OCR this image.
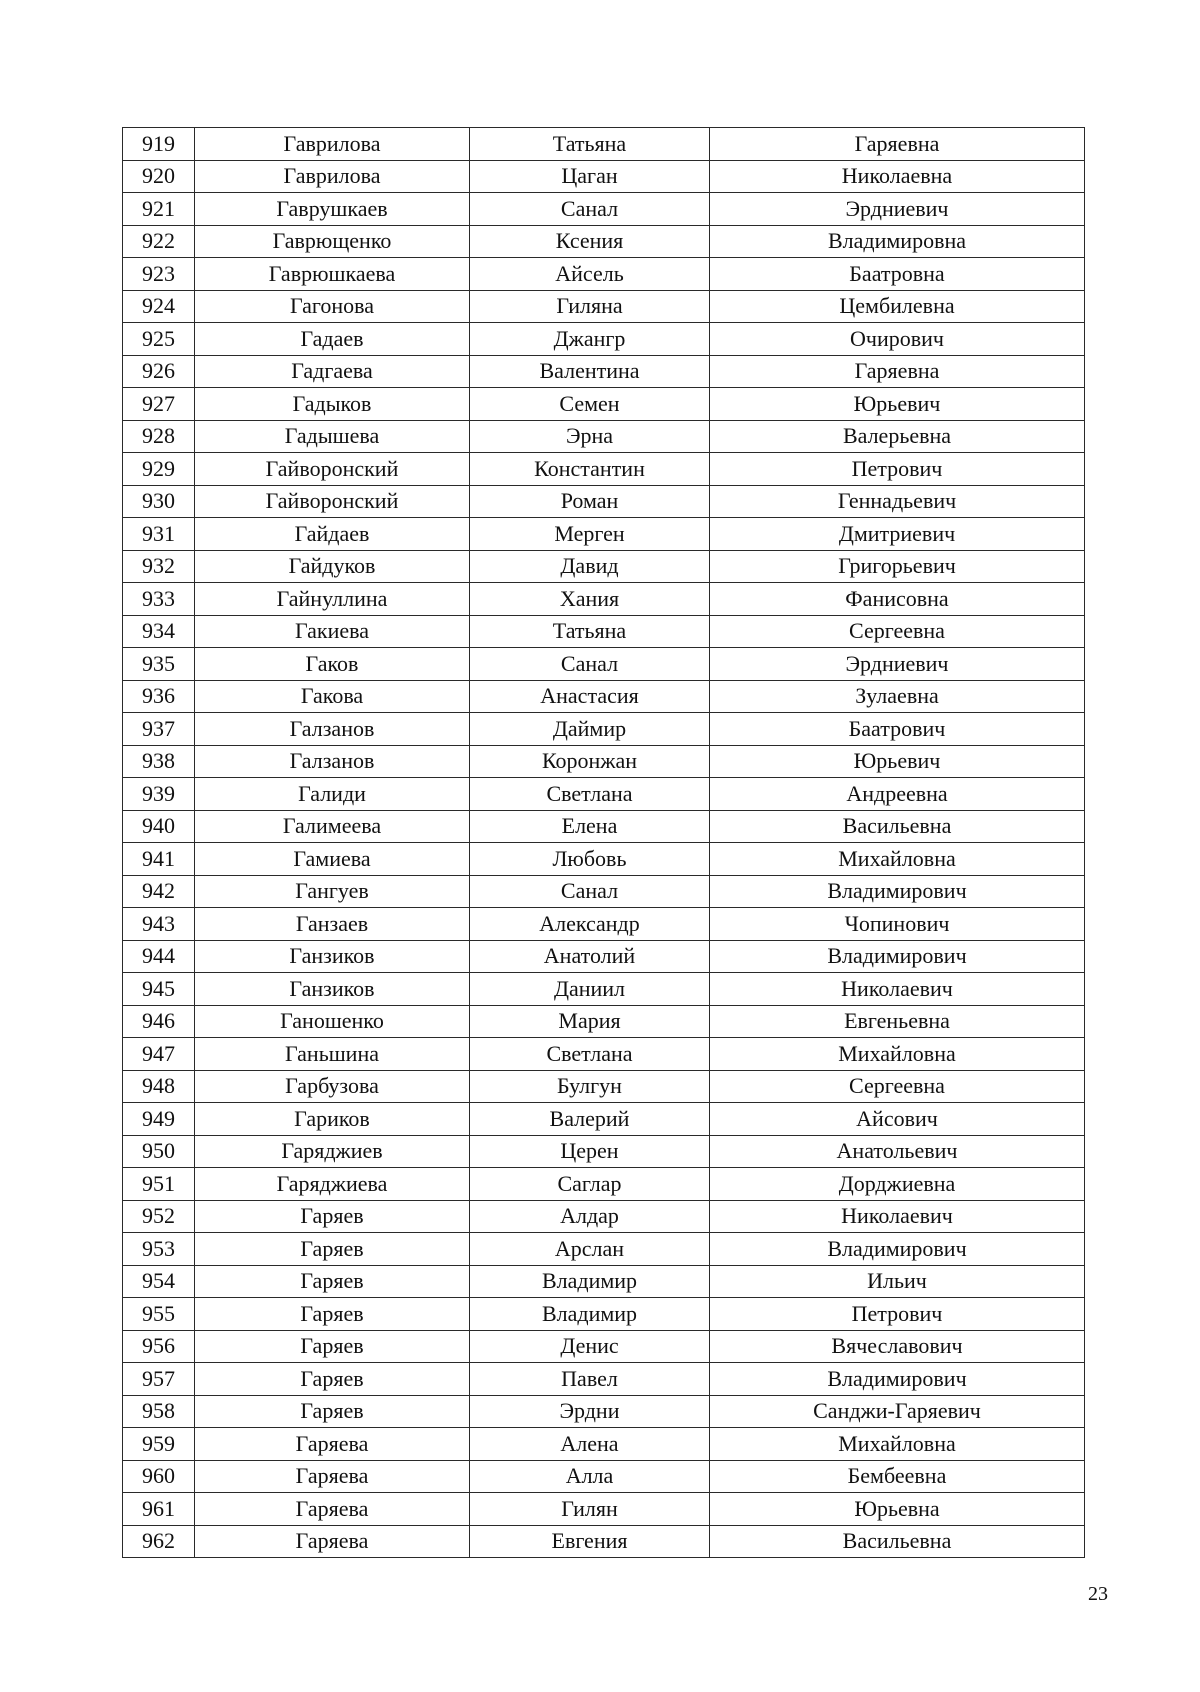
919	Гаврилова	Татьяна	Гаряевна
920	Гаврилова	Цаган	Николаевна
921	Гаврушкаев	Санал	Эрдниевич
922	Гаврющенко	Ксения	Владимировна
923	Гаврюшкаева	Айсель	Баатровна
924	Гагонова	Гиляна	Цембилевна
925	Гадаев	Джангр	Очирович
926	Гадгаева	Валентина	Гаряевна
927	Гадыков	Семен	Юрьевич
928	Гадышева	Эрна	Валерьевна
929	Гайворонский	Константин	Петрович
930	Гайворонский	Роман	Геннадьевич
931	Гайдаев	Мерген	Дмитриевич
932	Гайдуков	Давид	Григорьевич
933	Гайнуллина	Хания	Фанисовна
934	Гакиева	Татьяна	Сергеевна
935	Гаков	Санал	Эрдниевич
936	Гакова	Анастасия	Зулаевна
937	Галзанов	Даймир	Баатрович
938	Галзанов	Коронжан	Юрьевич
939	Галиди	Светлана	Андреевна
940	Галимеева	Елена	Васильевна
941	Гамиева	Любовь	Михайловна
942	Гангуев	Санал	Владимирович
943	Ганзаев	Александр	Чопинович
944	Ганзиков	Анатолий	Владимирович
945	Ганзиков	Даниил	Николаевич
946	Ганошенко	Мария	Евгеньевна
947	Ганьшина	Светлана	Михайловна
948	Гарбузова	Булгун	Сергеевна
949	Гариков	Валерий	Айсович
950	Гаряджиев	Церен	Анатольевич
951	Гаряджиева	Саглар	Дорджиевна
952	Гаряев	Алдар	Николаевич
953	Гаряев	Арслан	Владимирович
954	Гаряев	Владимир	Ильич
955	Гаряев	Владимир	Петрович
956	Гаряев	Денис	Вячеславович
957	Гаряев	Павел	Владимирович
958	Гаряев	Эрдни	Санджи-Гаряевич
959	Гаряева	Алена	Михайловна
960	Гаряева	Алла	Бембеевна
961	Гаряева	Гилян	Юрьевна
962	Гаряева	Евгения	Васильевна
23
